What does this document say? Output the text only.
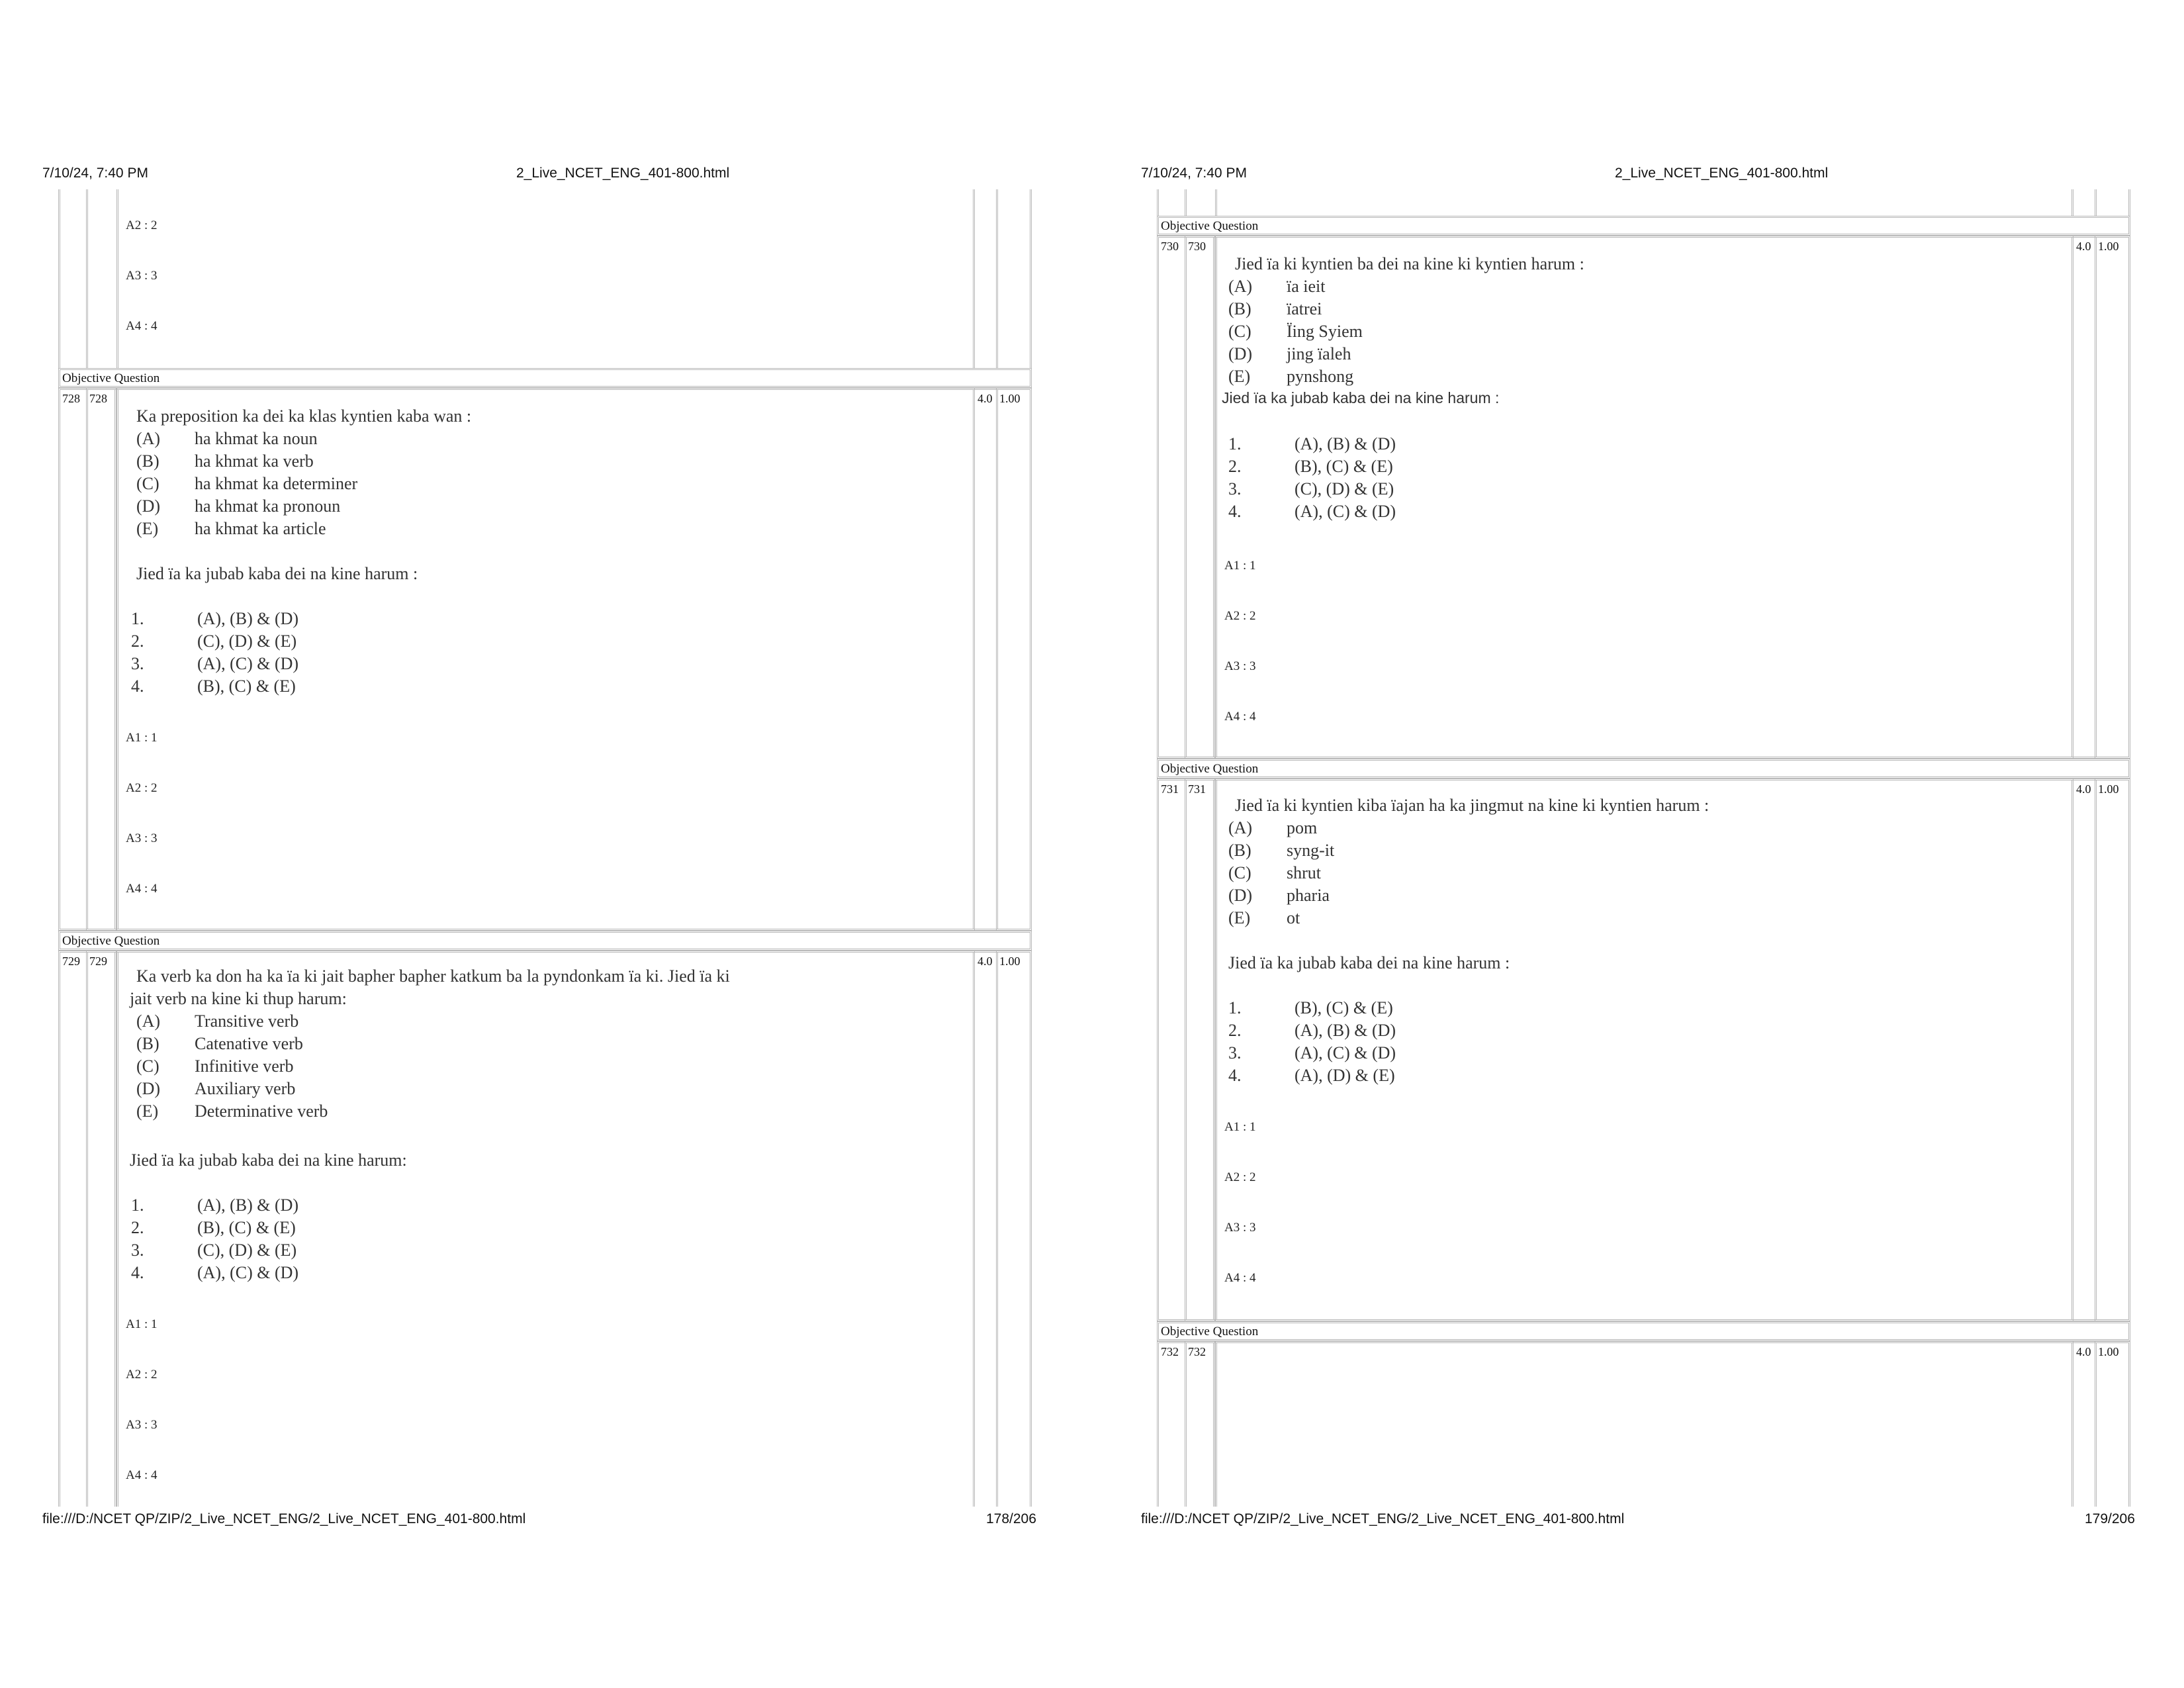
7/10/24, 7:40 PM	2_Live_NCET_ENG_401-800.html
A2 : 2
A3 : 3
A4 : 4
Objective Question
728 728	4.0 1.00
Ka preposition ka dei ka klas kyntien kaba wan :
(A) ha khmat ka noun
(B) ha khmat ka verb
(C) ha khmat ka determiner
(D) ha khmat ka pronoun
(E) ha khmat ka article
Jied ïa ka jubab kaba dei na kine harum :
1.	(A), (B) & (D)
2.	(C), (D) & (E)
3.	(A), (C) & (D)
4.	(B), (C) & (E)
A1 : 1
A2 : 2
A3 : 3
A4 : 4
Objective Question
729 729	4.0 1.00
Ka verb ka don ha ka ïa ki jait bapher bapher katkum ba la pyndonkam ïa ki. Jied ïa ki
jait verb na kine ki thup harum:
(A) Transitive verb
(B) Catenative verb
(C) Infinitive verb
(D) Auxiliary verb
(E) Determinative verb
Jied ïa ka jubab kaba dei na kine harum:
1.	(A), (B) & (D)
2.	(B), (C) & (E)
3.	(C), (D) & (E)
4.	(A), (C) & (D)
A1 : 1
A2 : 2
A3 : 3
A4 : 4
file:///D:/NCET QP/ZIP/2_Live_NCET_ENG/2_Live_NCET_ENG_401-800.html	178/206
7/10/24, 7:40 PM	2_Live_NCET_ENG_401-800.html
Objective Question
730 730	4.0 1.00
Jied ïa ki kyntien ba dei na kine ki kyntien harum :
(A) ïa ieit
(B) ïatrei
(C) Ïing Syiem
(D) jing ïaleh
(E) pynshong
Jied ïa ka jubab kaba dei na kine harum :
1.	(A), (B) & (D)
2.	(B), (C) & (E)
3.	(C), (D) & (E)
4.	(A), (C) & (D)
A1 : 1
A2 : 2
A3 : 3
A4 : 4
Objective Question
731 731	4.0 1.00
Jied ïa ki kyntien kiba ïajan ha ka jingmut na kine ki kyntien harum :
(A) pom
(B) syng-it
(C) shrut
(D) pharia
(E) ot
Jied ïa ka jubab kaba dei na kine harum :
1.	(B), (C) & (E)
2.	(A), (B) & (D)
3.	(A), (C) & (D)
4.	(A), (D) & (E)
A1 : 1
A2 : 2
A3 : 3
A4 : 4
Objective Question
732 732	4.0 1.00
file:///D:/NCET QP/ZIP/2_Live_NCET_ENG/2_Live_NCET_ENG_401-800.html	179/206
